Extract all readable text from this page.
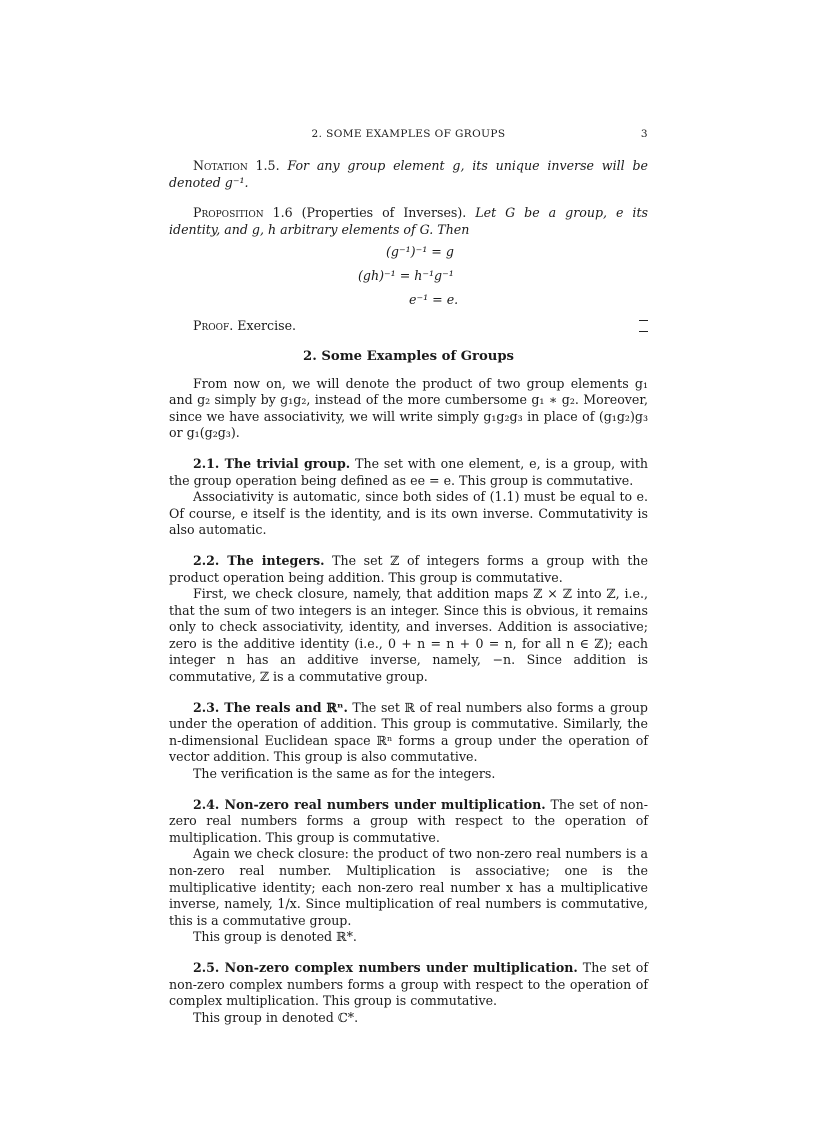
2. SOME EXAMPLES OF GROUPS	3

Notation 1.5. For any group element g, its unique inverse will be denoted g⁻¹.

Proposition 1.6 (Properties of Inverses). Let G be a group, e its identity, and g, h arbitrary elements of G. Then

(g⁻¹)⁻¹ = g
(gh)⁻¹ = h⁻¹g⁻¹
e⁻¹ = e.

Proof. Exercise.

2. Some Examples of Groups

From now on, we will denote the product of two group elements g₁ and g₂ simply by g₁g₂, instead of the more cumbersome g₁ ∗ g₂. Moreover, since we have associativity, we will write simply g₁g₂g₃ in place of (g₁g₂)g₃ or g₁(g₂g₃).

2.1. The trivial group. The set with one element, e, is a group, with the group operation being defined as ee = e. This group is commutative.

Associativity is automatic, since both sides of (1.1) must be equal to e. Of course, e itself is the identity, and is its own inverse. Commutativity is also automatic.

2.2. The integers. The set ℤ of integers forms a group with the product operation being addition. This group is commutative.

First, we check closure, namely, that addition maps ℤ × ℤ into ℤ, i.e., that the sum of two integers is an integer. Since this is obvious, it remains only to check associativity, identity, and inverses. Addition is associative; zero is the additive identity (i.e., 0 + n = n + 0 = n, for all n ∈ ℤ); each integer n has an additive inverse, namely, −n. Since addition is commutative, ℤ is a commutative group.

2.3. The reals and ℝⁿ. The set ℝ of real numbers also forms a group under the operation of addition. This group is commutative. Similarly, the n-dimensional Euclidean space ℝⁿ forms a group under the operation of vector addition. This group is also commutative.

The verification is the same as for the integers.

2.4. Non-zero real numbers under multiplication. The set of non-zero real numbers forms a group with respect to the operation of multiplication. This group is commutative.

Again we check closure: the product of two non-zero real numbers is a non-zero real number. Multiplication is associative; one is the multiplicative identity; each non-zero real number x has a multiplicative inverse, namely, 1/x. Since multiplication of real numbers is commutative, this is a commutative group.

This group is denoted ℝ*.

2.5. Non-zero complex numbers under multiplication. The set of non-zero complex numbers forms a group with respect to the operation of complex multiplication. This group is commutative.

This group in denoted ℂ*.
